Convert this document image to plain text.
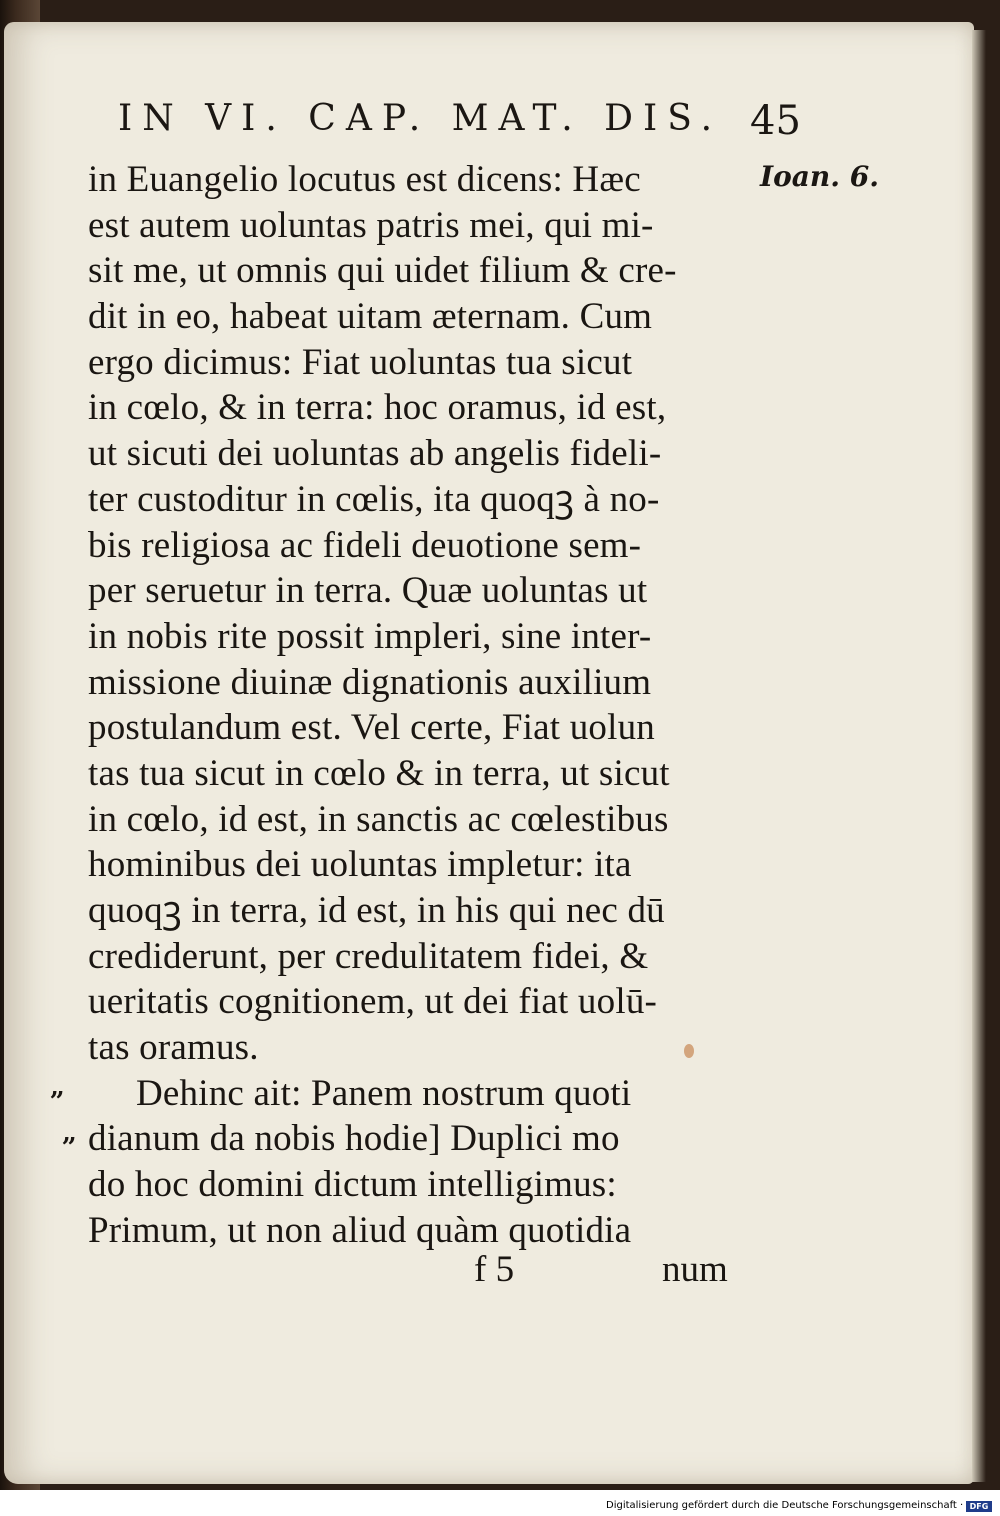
IN VI. CAP. MAT. DIS. 45
Ioan. 6.
in Euangelio locutus est dicens: Hæc
est autem uoluntas patris mei, qui mi-
sit me, ut omnis qui uidet filium & cre-
dit in eo, habeat uitam æternam. Cum
ergo dicimus: Fiat uoluntas tua sicut
in cœlo, & in terra: hoc oramus, id est,
ut sicuti dei uoluntas ab angelis fideli-
ter custoditur in cœlis, ita quoqꝫ à no-
bis religiosa ac fideli deuotione sem-
per seruetur in terra. Quæ uoluntas ut
in nobis rite possit impleri, sine inter-
missione diuinæ dignationis auxilium
postulandum est. Vel certe, Fiat uolun
tas tua sicut in cœlo & in terra, ut sicut
in cœlo, id est, in sanctis ac cœlestibus
hominibus dei uoluntas impletur: ita
quoqꝫ in terra, id est, in his qui nec dū
crediderunt, per credulitatem fidei, &
ueritatis cognitionem, ut dei fiat uolū-
tas oramus.
Dehinc ait: Panem nostrum quoti
dianum da nobis hodie] Duplici mo
do hoc domini dictum intelligimus:
Primum, ut non aliud quàm quotidia
„
„
f 5	num
Digitalisierung gefördert durch die Deutsche Forschungsgemeinschaft · DFG
